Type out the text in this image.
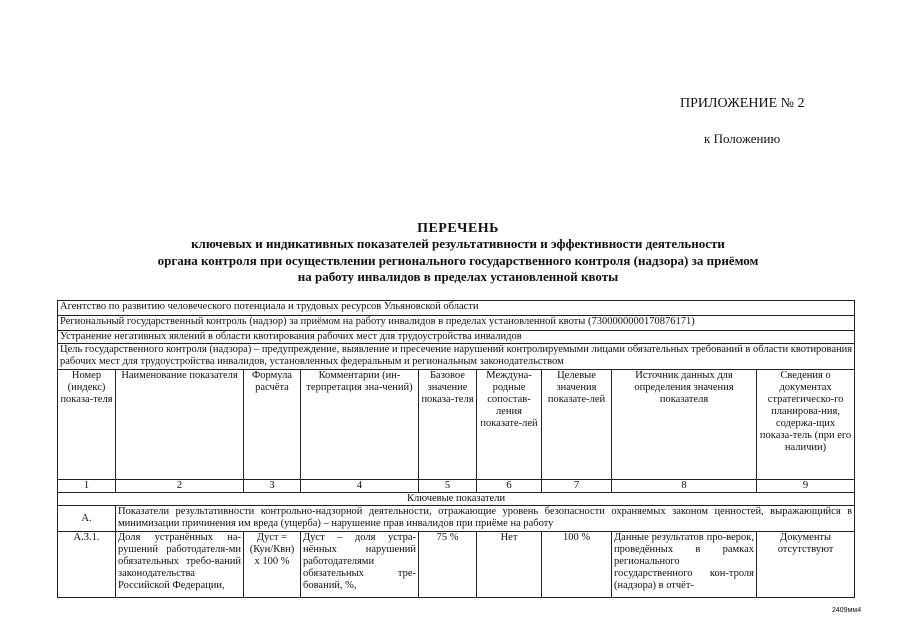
ПРИЛОЖЕНИЕ № 2
к Положению
ПЕРЕЧЕНЬ
ключевых и индикативных показателей результативности и эффективности деятельности
органа контроля при осуществлении регионального государственного контроля (надзора) за приёмом
на работу инвалидов в пределах установленной квоты
Агентство по развитию человеческого потенциала и трудовых ресурсов Ульяновской области								
Региональный государственный контроль (надзор) за приёмом на работу инвалидов в пределах установленной квоты (7300000000170876171)								
Устранение негативных явлений в области квотирования рабочих мест для трудоустройства инвалидов								
Цель государственного контроля (надзора) – предупреждение, выявление и пресечение нарушений контролируемыми лицами обязательных требований в области квотирования рабочих мест для трудоустройства инвалидов, установленных федеральным и региональным законодательством								
Номер (индекс) показа-теля	Наименование показателя	Формула расчёта	Комментарии (ин-терпретация зна-чений)	Базовое значение показа-теля	Междуна-родные сопостав-ления показате-лей	Целевые значения показате-лей	Источник данных для определения значения показателя	Сведения о документах стратегическо-го планирова-ния, содержа-щих показа-тель (при его наличии)
1	2	3	4	5	6	7	8	9
Ключевые показатели								
А.	Показатели результативности контрольно-надзорной деятельности, отражающие уровень безопасности охраняемых законом ценностей, выражающийся в минимизации причинения им вреда (ущерба) – нарушение прав инвалидов при приёме на работу							
А.3.1.	Доля устранённых на-рушений работодателя-ми обязательных требо-ваний законодательства Российской Федерации,	Дуст = (Кун/Квн) х 100 %	Дуст – доля устра-нённых нарушений работодателями обязательных тре-бований, %,	75 %	Нет	100 %	Данные результатов про-верок, проведённых в рамках регионального государственного кон-троля (надзора) в отчёт-	Документы отсутствуют
2409мм4
